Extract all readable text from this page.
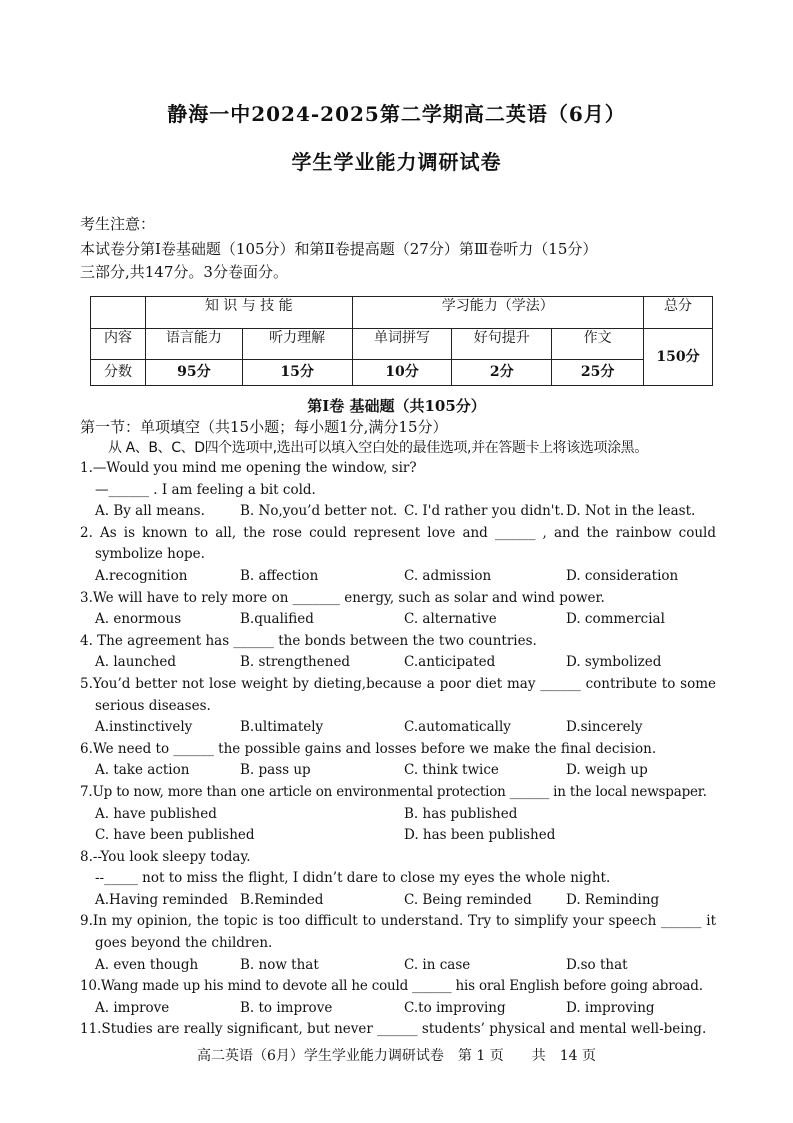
静海一中2024-2025第二学期高二英语（6月）
学生学业能力调研试卷
考生注意：
本试卷分第Ⅰ卷基础题（105分）和第Ⅱ卷提高题（27分）第Ⅲ卷听力（15分）
三部分,共147分。3分卷面分。
	知 识 与 技 能		学习能力（学法）			总分
内容	语言能力	听力理解	单词拼写	好句提升	作文	150分
分数	95分	15分	10分	2分	25分	
第Ⅰ卷 基础题（共105分）
第一节：单项填空（共15小题；每小题1分,满分15分）
从 A、B、C、D四个选项中,选出可以填入空白处的最佳选项,并在答题卡上将该选项涂黑。
1.—Would you mind me opening the window, sir?
—______ . I am feeling a bit cold.
A. By all means.	B. No,you’d better not. C. I'd rather you didn't. D. Not in the least.
2. As is known to all, the rose could represent love and ______ , and the rainbow could
symbolize hope.
A.recognition	B. affection	C. admission	D. consideration
3.We will have to rely more on _______ energy, such as solar and wind power.
A. enormous	B.qualified	C. alternative	D. commercial
4. The agreement has ______ the bonds between the two countries.
A. launched	B. strengthened	C.anticipated	D. symbolized
5.You’d better not lose weight by dieting,because a poor diet may ______ contribute to some
serious diseases.
A.instinctively	B.ultimately	C.automatically	D.sincerely
6.We need to ______ the possible gains and losses before we make the final decision.
A. take action	B. pass up	C. think twice	D. weigh up
7.Up to now, more than one article on environmental protection ______ in the local newspaper.
A. have published	B. has published
C. have been published	D. has been published
8.--You look sleepy today.
--_____ not to miss the flight, I didn’t dare to close my eyes the whole night.
A.Having reminded B.Reminded	C. Being reminded	D. Reminding
9.In my opinion, the topic is too difficult to understand. Try to simplify your speech ______ it
goes beyond the children.
A. even though	B. now that	C. in case	D.so that
10.Wang made up his mind to devote all he could ______ his oral English before going abroad.
A. improve	B. to improve	C.to improving	D. improving
11.Studies are really significant, but never ______ students’ physical and mental well-being.
高二英语（6月）学生学业能力调研试卷　第 1 页　　共　14 页
